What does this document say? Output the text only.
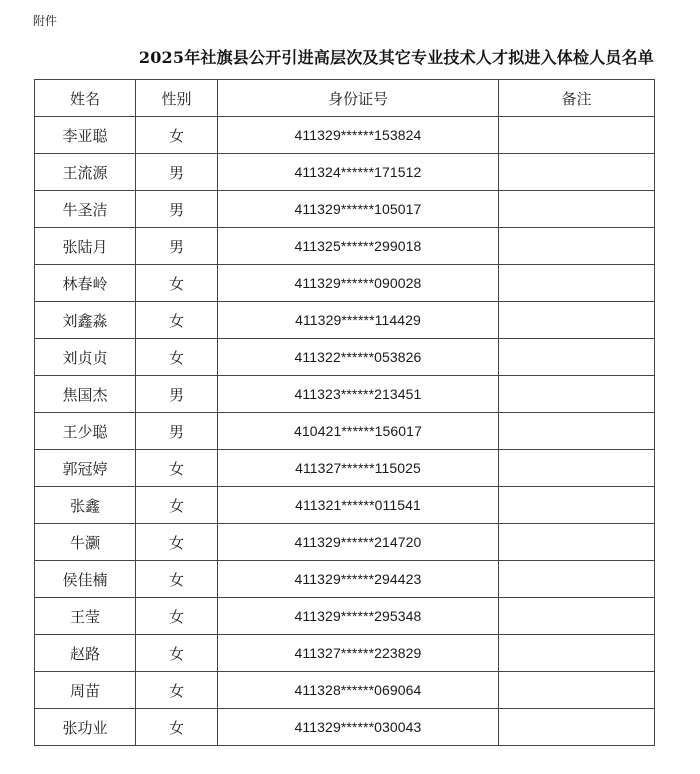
附件
2025年社旗县公开引进高层次及其它专业技术人才拟进入体检人员名单
姓名	性别	身份证号	备注
李亚聪	女	411329******153824	
王流源	男	411324******171512	
牛圣洁	男	411329******105017	
张陆月	男	411325******299018	
林春岭	女	411329******090028	
刘鑫淼	女	411329******114429	
刘贞贞	女	411322******053826	
焦国杰	男	411323******213451	
王少聪	男	410421******156017	
郭冠婷	女	411327******115025	
张鑫	女	411321******011541	
牛灏	女	411329******214720	
侯佳楠	女	411329******294423	
王莹	女	411329******295348	
赵路	女	411327******223829	
周苗	女	411328******069064	
张功业	女	411329******030043	
